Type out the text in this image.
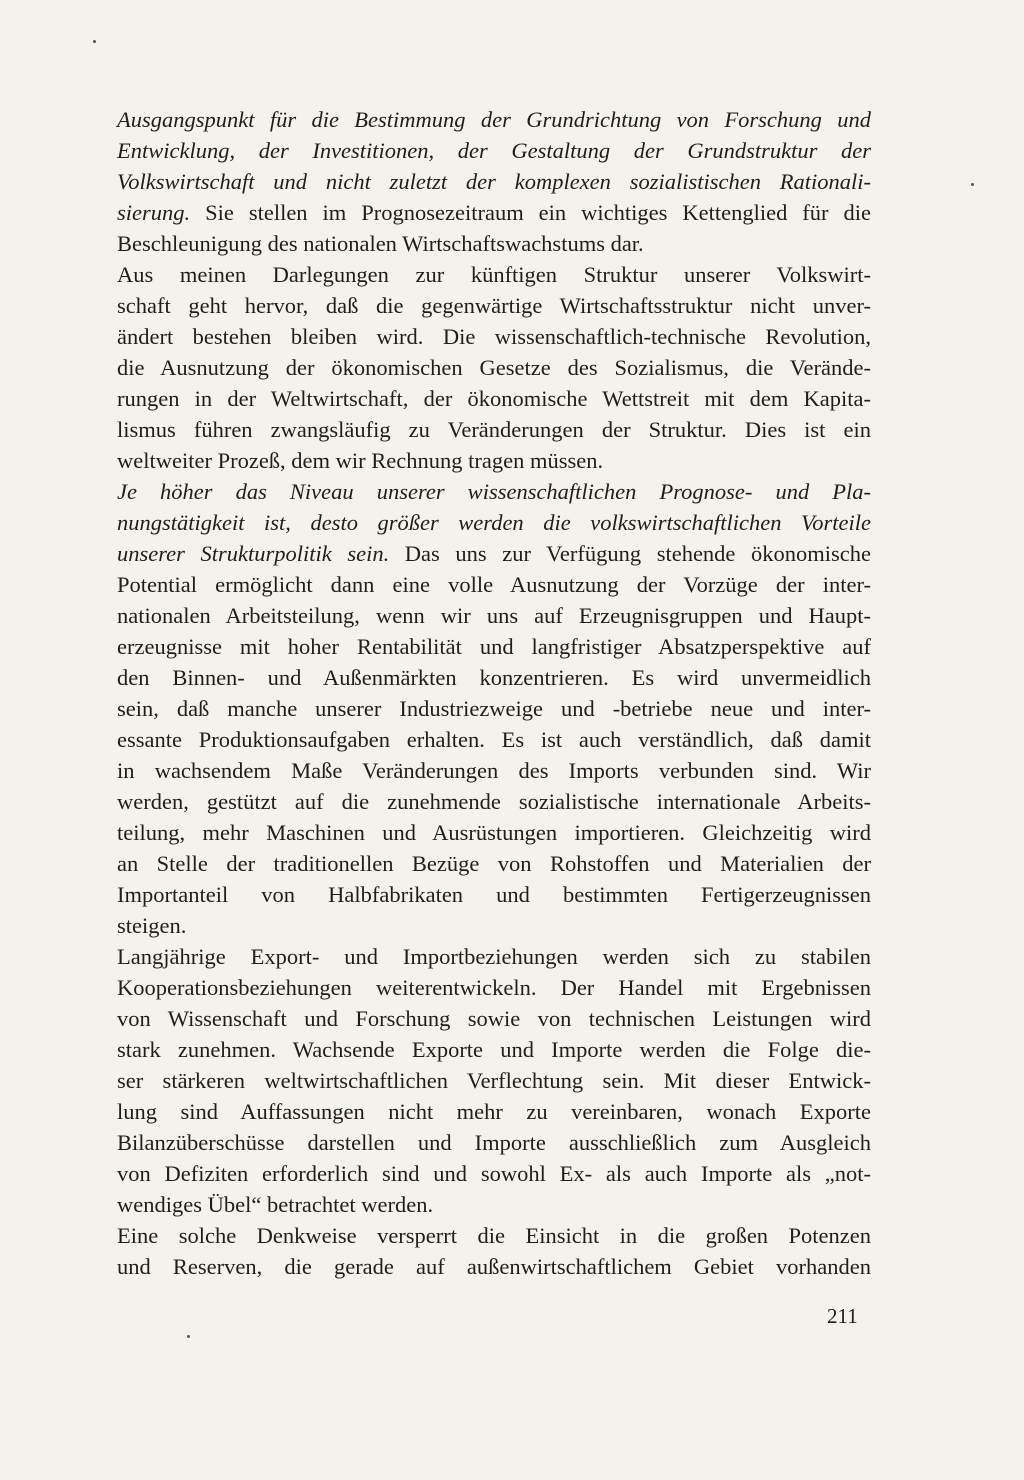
Ausgangspunkt für die Bestimmung der Grundrichtung von Forschung und
Entwicklung, der Investitionen, der Gestaltung der Grundstruktur der
Volkswirtschaft und nicht zuletzt der komplexen sozialistischen Rationali-
sierung. Sie stellen im Prognosezeitraum ein wichtiges Kettenglied für die
Beschleunigung des nationalen Wirtschaftswachstums dar.
Aus meinen Darlegungen zur künftigen Struktur unserer Volkswirt-
schaft geht hervor, daß die gegenwärtige Wirtschaftsstruktur nicht unver-
ändert bestehen bleiben wird. Die wissenschaftlich-technische Revolution,
die Ausnutzung der ökonomischen Gesetze des Sozialismus, die Verände-
rungen in der Weltwirtschaft, der ökonomische Wettstreit mit dem Kapita-
lismus führen zwangsläufig zu Veränderungen der Struktur. Dies ist ein
weltweiter Prozeß, dem wir Rechnung tragen müssen.
Je höher das Niveau unserer wissenschaftlichen Prognose- und Pla-
nungstätigkeit ist, desto größer werden die volkswirtschaftlichen Vorteile
unserer Strukturpolitik sein. Das uns zur Verfügung stehende ökonomische
Potential ermöglicht dann eine volle Ausnutzung der Vorzüge der inter-
nationalen Arbeitsteilung, wenn wir uns auf Erzeugnisgruppen und Haupt-
erzeugnisse mit hoher Rentabilität und langfristiger Absatzperspektive auf
den Binnen- und Außenmärkten konzentrieren. Es wird unvermeidlich
sein, daß manche unserer Industriezweige und -betriebe neue und inter-
essante Produktionsaufgaben erhalten. Es ist auch verständlich, daß damit
in wachsendem Maße Veränderungen des Imports verbunden sind. Wir
werden, gestützt auf die zunehmende sozialistische internationale Arbeits-
teilung, mehr Maschinen und Ausrüstungen importieren. Gleichzeitig wird
an Stelle der traditionellen Bezüge von Rohstoffen und Materialien der
Importanteil von Halbfabrikaten und bestimmten Fertigerzeugnissen
steigen.
Langjährige Export- und Importbeziehungen werden sich zu stabilen
Kooperationsbeziehungen weiterentwickeln. Der Handel mit Ergebnissen
von Wissenschaft und Forschung sowie von technischen Leistungen wird
stark zunehmen. Wachsende Exporte und Importe werden die Folge die-
ser stärkeren weltwirtschaftlichen Verflechtung sein. Mit dieser Entwick-
lung sind Auffassungen nicht mehr zu vereinbaren, wonach Exporte
Bilanzüberschüsse darstellen und Importe ausschließlich zum Ausgleich
von Defiziten erforderlich sind und sowohl Ex- als auch Importe als „not-
wendiges Übel“ betrachtet werden.
Eine solche Denkweise versperrt die Einsicht in die großen Potenzen
und Reserven, die gerade auf außenwirtschaftlichem Gebiet vorhanden
211
